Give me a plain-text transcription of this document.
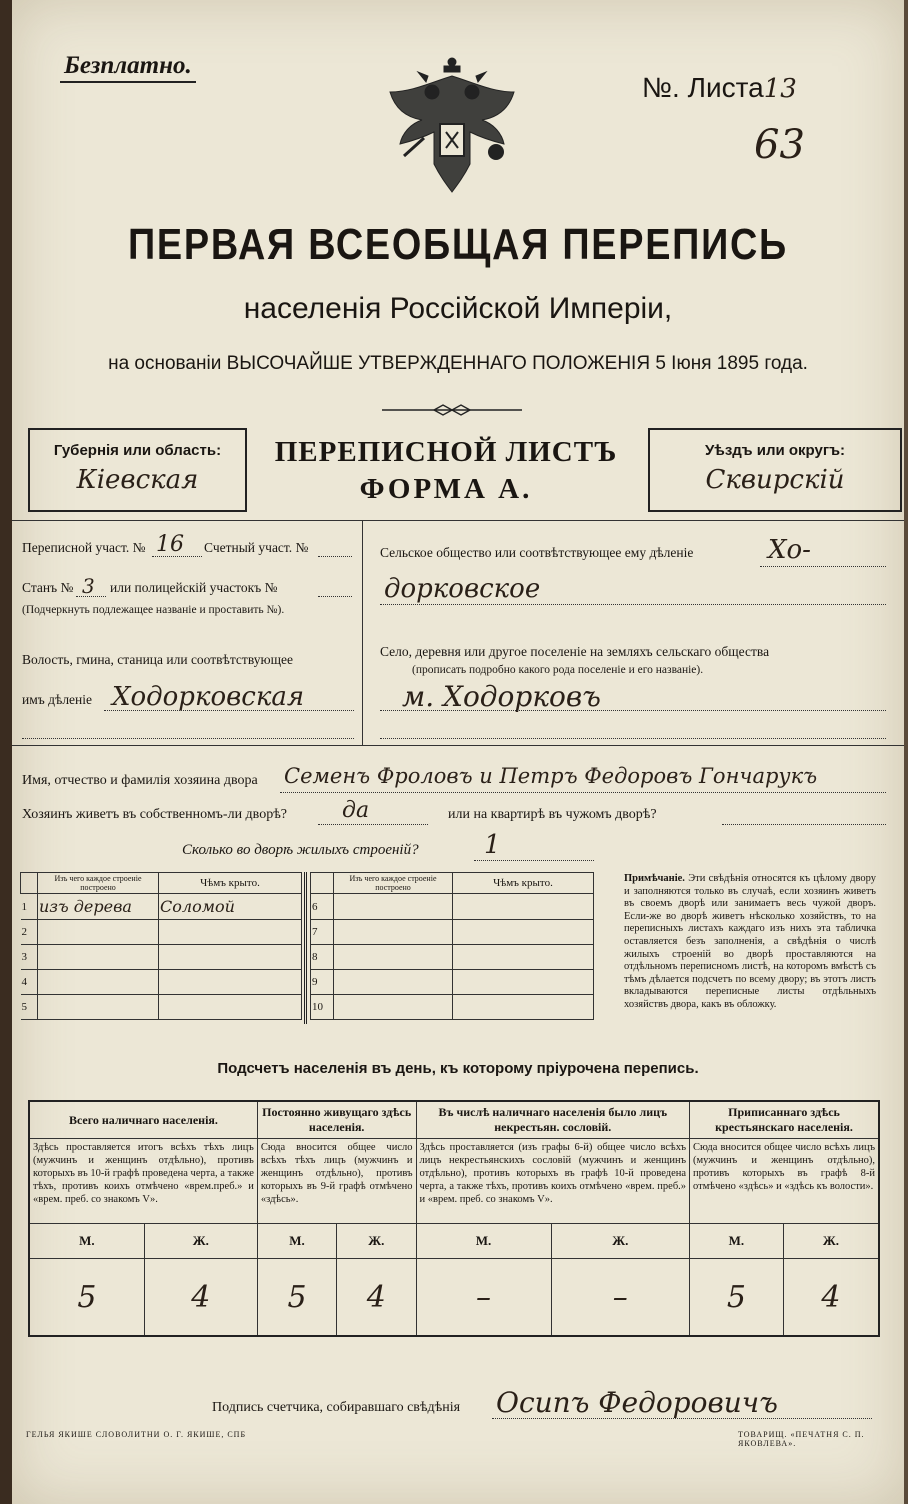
Безплатно.
№. Листа13
63
ПЕРВАЯ ВСЕОБЩАЯ ПЕРЕПИСЬ
населенія Россійской Имперіи,
на основаніи ВЫСОЧАЙШЕ УТВЕРЖДЕННАГО ПОЛОЖЕНІЯ 5 Іюня 1895 года.
Губернія или область:
Кіевская
ПЕРЕПИСНОЙ ЛИСТЪ
ФОРМА А.
Уѣздъ или округъ:
Сквирскій
Переписной участ. № 16 Счетный участ. №
Станъ № 3 или полицейскій участокъ №
(Подчеркнуть подлежащее названіе и проставить №).
Волость, гмина, станица или соотвѣтствующее
имъ дѣленіе Ходорковская
Сельское общество или соотвѣтствующее ему дѣленіе	Хо-
дорковское
Село, деревня или другое поселеніе на земляхъ сельскаго общества
(прописать подробно какого рода поселеніе и его названіе).
м. Ходорковъ
Имя, отчество и фамилія хозяина двора Семенъ Фроловъ и Петръ Федоровъ Гончарукъ
Хозяинъ живетъ въ собственномъ-ли дворѣ? да	или на квартирѣ въ чужомъ дворѣ?
Сколько во дворѣ жилыхъ строеній?	1
	Изъ чего каждое строеніе построено	Чѣмъ крыто.
1	изъ дерева	Соломой
2		
3		
4		
5		
	Изъ чего каждое строеніе построено	Чѣмъ крыто.
6		
7		
8		
9		
10		
Примѣчаніе. Эти свѣдѣнія относятся къ цѣлому двору и заполняются только въ случаѣ, если хозяинъ живетъ въ своемъ дворѣ или занимаетъ весь чужой дворъ. Если-же во дворѣ живетъ нѣсколько хозяйствъ, то на переписныхъ листахъ каждаго изъ нихъ эта табличка оставляется безъ заполненія, а свѣдѣнія о числѣ жилыхъ строеній во дворѣ проставляются на отдѣльномъ переписномъ листѣ, на которомъ вмѣстѣ съ тѣмъ дѣлается подсчетъ по всему двору; въ этотъ листъ вкладываются переписные листы отдѣльныхъ хозяйствъ двора, какъ въ обложку.
Подсчетъ населенія въ день, къ которому пріурочена перепись.
Всего наличнаго населенія.		Постоянно живущаго здѣсь населенія.		Въ числѣ наличнаго населенія было лицъ некрестьян. сословій.		Приписаннаго здѣсь крестьянскаго населенія.	
Здѣсь проставляется итогъ всѣхъ тѣхъ лицъ (мужчинъ и женщинъ отдѣльно), противъ которыхъ въ 10-й графѣ проведена черта, а также тѣхъ, противъ коихъ отмѣчено «врем.преб.» и «врем. преб. со знакомъ V».		Сюда вносится общее число всѣхъ тѣхъ лицъ (мужчинъ и женщинъ отдѣльно), противъ которыхъ въ 9-й графѣ отмѣчено «здѣсь».		Здѣсь проставляется (изъ графы 6-й) общее число всѣхъ лицъ некрестьянскихъ сословій (мужчинъ и женщинъ отдѣльно), противъ которыхъ въ графѣ 10-й проведена черта, а также тѣхъ, противъ коихъ отмѣчено «врем. преб.» и «врем. преб. со знакомъ V».		Сюда вносится общее число всѣхъ лицъ (мужчинъ и женщинъ отдѣльно), противъ которыхъ въ графѣ 8-й отмѣчено «здѣсь» и «здѣсь къ волости».	
М.	Ж.	М.	Ж.	М.	Ж.	М.	Ж.
5	4	5	4	–	–	5	4
Подпись счетчика, собиравшаго свѣдѣнія Осипъ Федоровичъ
ГЕЛЬЯ ЯКИШЕ СЛОВОЛИТНИ О. Г. ЯКИШЕ, СПБ	ТОВАРИЩ. «ПЕЧАТНЯ С. П. ЯКОВЛЕВА».
